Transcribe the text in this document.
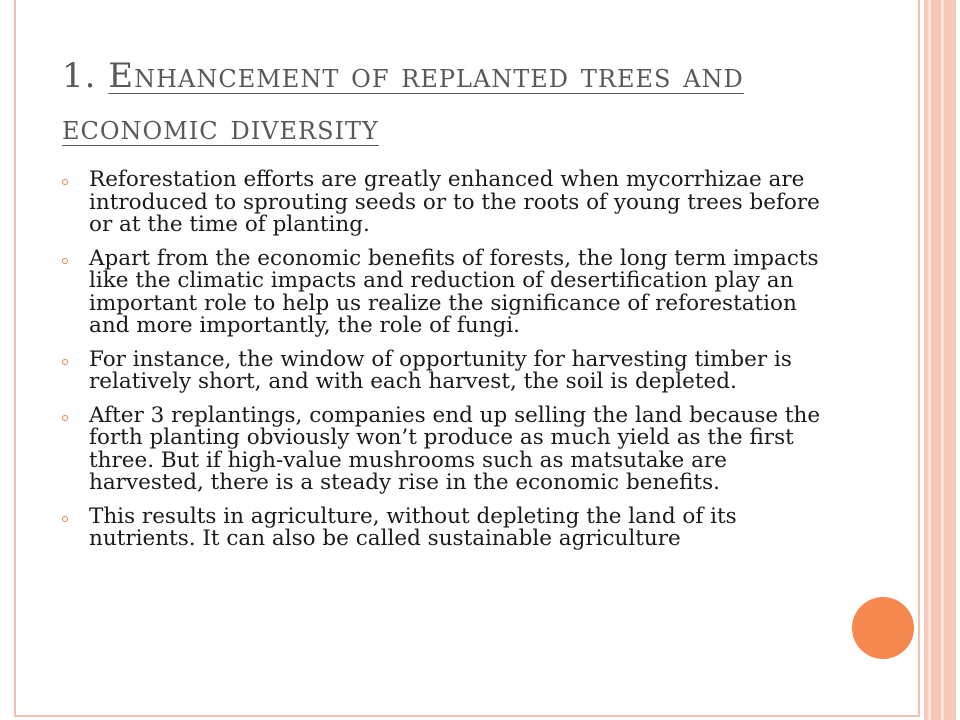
1. Enhancement of replanted trees and economic diversity
Reforestation efforts are greatly enhanced when mycorrhizae are introduced to sprouting seeds or to the roots of young trees before or at the time of planting.
Apart from the economic benefits of forests, the long term impacts like the climatic impacts and reduction of desertification play an important role to help us realize the significance of reforestation and more importantly, the role of fungi.
For instance, the window of opportunity for harvesting timber is relatively short, and with each harvest, the soil is depleted.
After 3 replantings, companies end up selling the land because the forth planting obviously won’t produce as much yield as the first three. But if high-value mushrooms such as matsutake are harvested, there is a steady rise in the economic benefits.
This results in agriculture, without depleting the land of its nutrients. It can also be called sustainable agriculture
